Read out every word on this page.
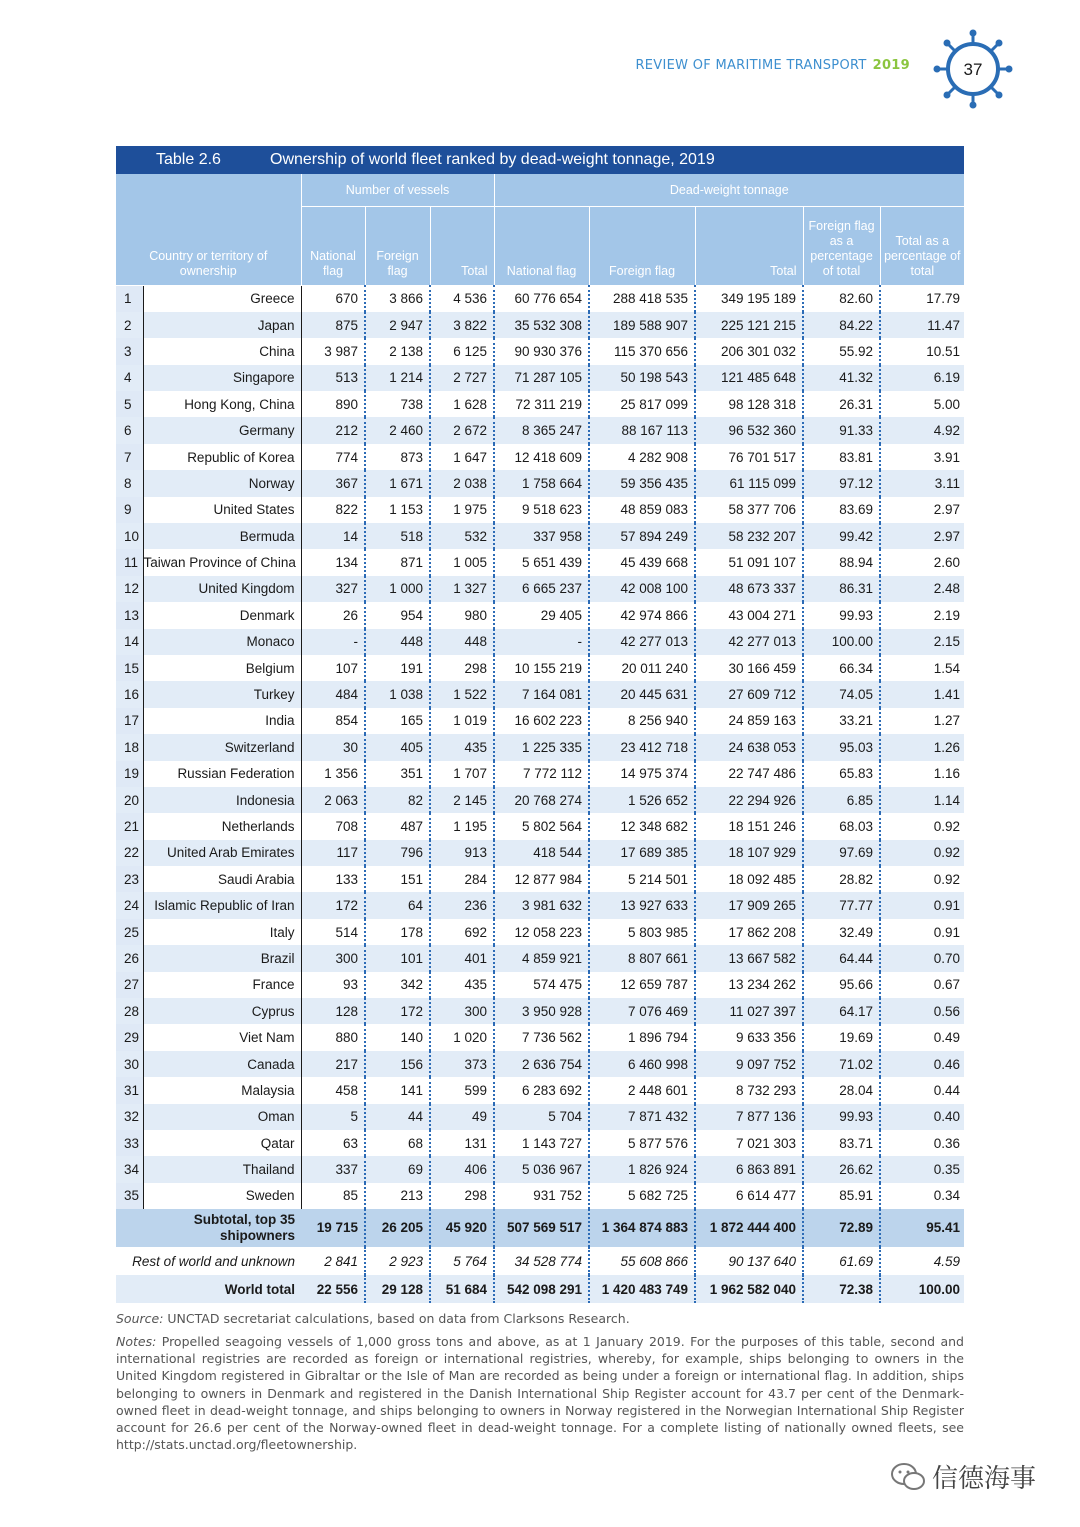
REVIEW OF MARITIME TRANSPORT 2019	37
Table 2.6	Ownership of world fleet ranked by dead-weight tonnage, 2019
Country or territory of ownership		Number of vessels			Dead-weight tonnage				
		National flag	Foreign flag	Total	National flag	Foreign flag	Total	Foreign flag as a percentage of total	Total as a percentage of total
1	Greece	670	3 866	4 536	60 776 654	288 418 535	349 195 189	82.60	17.79
2	Japan	875	2 947	3 822	35 532 308	189 588 907	225 121 215	84.22	11.47
3	China	3 987	2 138	6 125	90 930 376	115 370 656	206 301 032	55.92	10.51
4	Singapore	513	1 214	2 727	71 287 105	50 198 543	121 485 648	41.32	6.19
5	Hong Kong, China	890	738	1 628	72 311 219	25 817 099	98 128 318	26.31	5.00
6	Germany	212	2 460	2 672	8 365 247	88 167 113	96 532 360	91.33	4.92
7	Republic of Korea	774	873	1 647	12 418 609	4 282 908	76 701 517	83.81	3.91
8	Norway	367	1 671	2 038	1 758 664	59 356 435	61 115 099	97.12	3.11
9	United States	822	1 153	1 975	9 518 623	48 859 083	58 377 706	83.69	2.97
10	Bermuda	14	518	532	337 958	57 894 249	58 232 207	99.42	2.97
11	Taiwan Province of China	134	871	1 005	5 651 439	45 439 668	51 091 107	88.94	2.60
12	United Kingdom	327	1 000	1 327	6 665 237	42 008 100	48 673 337	86.31	2.48
13	Denmark	26	954	980	29 405	42 974 866	43 004 271	99.93	2.19
14	Monaco	-	448	448	-	42 277 013	42 277 013	100.00	2.15
15	Belgium	107	191	298	10 155 219	20 011 240	30 166 459	66.34	1.54
16	Turkey	484	1 038	1 522	7 164 081	20 445 631	27 609 712	74.05	1.41
17	India	854	165	1 019	16 602 223	8 256 940	24 859 163	33.21	1.27
18	Switzerland	30	405	435	1 225 335	23 412 718	24 638 053	95.03	1.26
19	Russian Federation	1 356	351	1 707	7 772 112	14 975 374	22 747 486	65.83	1.16
20	Indonesia	2 063	82	2 145	20 768 274	1 526 652	22 294 926	6.85	1.14
21	Netherlands	708	487	1 195	5 802 564	12 348 682	18 151 246	68.03	0.92
22	United Arab Emirates	117	796	913	418 544	17 689 385	18 107 929	97.69	0.92
23	Saudi Arabia	133	151	284	12 877 984	5 214 501	18 092 485	28.82	0.92
24	Islamic Republic of Iran	172	64	236	3 981 632	13 927 633	17 909 265	77.77	0.91
25	Italy	514	178	692	12 058 223	5 803 985	17 862 208	32.49	0.91
26	Brazil	300	101	401	4 859 921	8 807 661	13 667 582	64.44	0.70
27	France	93	342	435	574 475	12 659 787	13 234 262	95.66	0.67
28	Cyprus	128	172	300	3 950 928	7 076 469	11 027 397	64.17	0.56
29	Viet Nam	880	140	1 020	7 736 562	1 896 794	9 633 356	19.69	0.49
30	Canada	217	156	373	2 636 754	6 460 998	9 097 752	71.02	0.46
31	Malaysia	458	141	599	6 283 692	2 448 601	8 732 293	28.04	0.44
32	Oman	5	44	49	5 704	7 871 432	7 877 136	99.93	0.40
33	Qatar	63	68	131	1 143 727	5 877 576	7 021 303	83.71	0.36
34	Thailand	337	69	406	5 036 967	1 826 924	6 863 891	26.62	0.35
35	Sweden	85	213	298	931 752	5 682 725	6 614 477	85.91	0.34
Subtotal, top 35 shipowners		19 715	26 205	45 920	507 569 517	1 364 874 883	1 872 444 400	72.89	95.41
Rest of world and unknown		2 841	2 923	5 764	34 528 774	55 608 866	90 137 640	61.69	4.59
World total		22 556	29 128	51 684	542 098 291	1 420 483 749	1 962 582 040	72.38	100.00
Source: UNCTAD secretariat calculations, based on data from Clarksons Research.
Notes: Propelled seagoing vessels of 1,000 gross tons and above, as at 1 January 2019. For the purposes of this table, second and international registries are recorded as foreign or international registries, whereby, for example, ships belonging to owners in the United Kingdom registered in Gibraltar or the Isle of Man are recorded as being under a foreign or international flag. In addition, ships belonging to owners in Denmark and registered in the Danish International Ship Register account for 43.7 per cent of the Denmark-owned fleet in dead-weight tonnage, and ships belonging to owners in Norway registered in the Norwegian International Ship Register account for 26.6 per cent of the Norway-owned fleet in dead-weight tonnage. For a complete listing of nationally owned fleets, see http://stats.unctad.org/fleetownership.
信德海事
